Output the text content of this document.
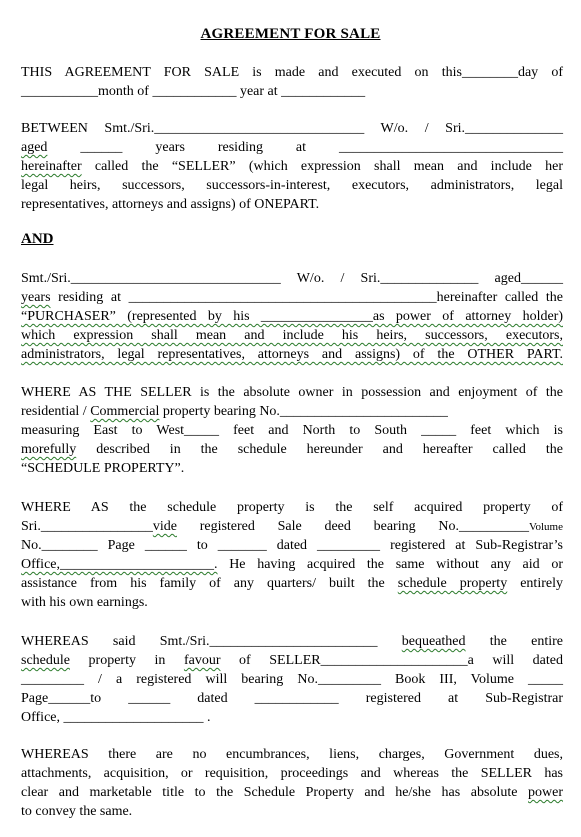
AGREEMENT FOR SALE
THIS AGREEMENT FOR SALE is made and executed on this________day of
___________month of ____________ year at ____________
BETWEEN Smt./Sri.______________________________ W/o. / Sri.______________
aged ______ years residing at ________________________________
hereinafter called the “SELLER” (which expression shall mean and include her
legal heirs, successors, successors-in-interest, executors, administrators, legal
representatives, attorneys and assigns) of ONEPART.
AND
Smt./Sri.______________________________ W/o. / Sri.______________ aged______
years residing at ____________________________________________hereinafter called the
“PURCHASER” (represented by his ________________as power of attorney holder)
which expression shall mean and include his heirs, successors, executors,
administrators, legal representatives, attorneys and assigns) of the OTHER PART.
WHERE AS THE SELLER is the absolute owner in possession and enjoyment of the
residential / Commercial property bearing No.________________________
measuring East to West_____ feet and North to South _____ feet which is
morefully described in the schedule hereunder and hereafter called the
“SCHEDULE PROPERTY”.
WHERE AS the schedule property is the self acquired property of
Sri.________________vide registered Sale deed bearing No.__________Volume
No.________ Page ______ to _______ dated _________ registered at Sub-Registrar’s
Office,______________________. He having acquired the same without any aid or
assistance from his family of any quarters/ built the schedule property entirely
with his own earnings.
WHEREAS said Smt./Sri.________________________ bequeathed the entire
schedule property in favour of SELLER_____________________a will dated
_________ / a registered will bearing No._________ Book III, Volume _____
Page______to ______ dated ____________ registered at Sub-Registrar
Office, ____________________ .
WHEREAS there are no encumbrances, liens, charges, Government dues,
attachments, acquisition, or requisition, proceedings and whereas the SELLER has
clear and marketable title to the Schedule Property and he/she has absolute power
to convey the same.
